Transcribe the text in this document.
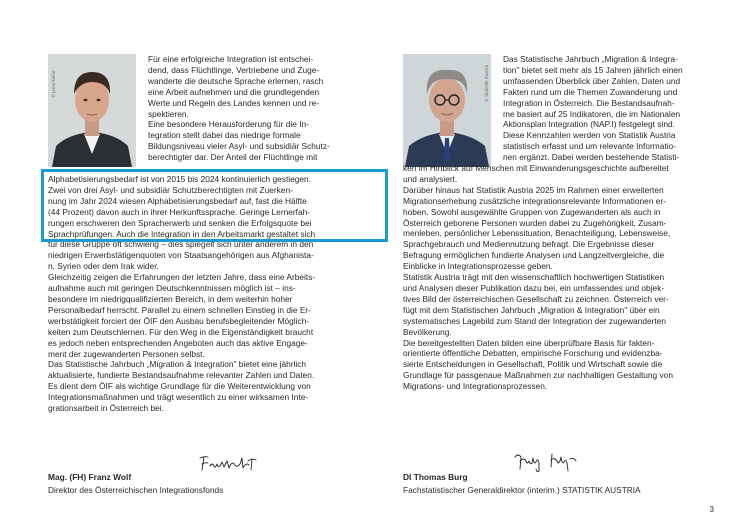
© Jenni Koller

Für eine erfolgreiche Integration ist entschei-

dend, dass Flüchtlinge, Vertriebene und Zuge-

wanderte die deutsche Sprache erlernen, rasch

eine Arbeit aufnehmen und die grundlegenden

Werte und Regeln des Landes kennen und re-

spektieren.

Eine besondere Herausforderung für die In-

tegration stellt dabei das niedrige formale

Bildungsniveau vieler Asyl- und subsidiär Schutz-

berechtigter dar. Der Anteil der Flüchtlinge mit

Alphabetisierungsbedarf ist von 2015 bis 2024 kontinuierlich gestiegen.

Zwei von drei Asyl- und subsidiär Schutzberechtigten mit Zuerken-

nung im Jahr 2024 wiesen Alphabetisierungsbedarf auf, fast die Hälfte

(44 Prozent) davon auch in ihrer Herkunftssprache. Geringe Lernerfah-

rungen erschweren den Spracherwerb und senken die Erfolgsquote bei

Sprachprüfungen. Auch die Integration in den Arbeitsmarkt gestaltet sich

für diese Gruppe oft schwierig – dies spiegelt sich unter anderem in den

niedrigen Erwerbstätigenquoten von Staatsangehörigen aus Afghanista-

n, Syrien oder dem Irak wider.

Gleichzeitig zeigen die Erfahrungen der letzten Jahre, dass eine Arbeits-

aufnahme auch mit geringen Deutschkenntnissen möglich ist – ins-

besondere im niedrigqualifizierten Bereich, in dem weiterhin hoher

Personalbedarf herrscht. Parallel zu einem schnellen Einstieg in die Er-

werbstätigkeit forciert der ÖIF den Ausbau berufsbegleitender Möglich-

keiten zum Deutschlernen. Für den Weg in die Eigenständigkeit braucht

es jedoch neben entsprechenden Angeboten auch das aktive Engage-

ment der zugewanderten Personen selbst.

Das Statistische Jahrbuch „Migration & Integration" bietet eine jährlich

aktualisierte, fundierte Bestandsaufnahme relevanter Zahlen und Daten.

Es dient dem ÖIF als wichtige Grundlage für die Weiterentwicklung von

Integrationsmaßnahmen und trägt wesentlich zu einer wirksamen Inte-

grationsarbeit in Österreich bei.

Mag. (FH) Franz Wolf
Direktor des Österreichischen Integrationsfonds
© Statistik Austria

Das Statistische Jahrbuch „Migration & Integra-

tion" bietet seit mehr als 15 Jahren jährlich einen

umfassenden Überblick über Zahlen, Daten und

Fakten rund um die Themen Zuwanderung und

Integration in Österreich. Die Bestandsaufnah-

me basiert auf 25 Indikatoren, die im Nationalen

Aktionsplan Integration (NAP.I) festgelegt sind.

Diese Kennzahlen werden von Statistik Austria

statistisch erfasst und um relevante Informatio-

nen ergänzt. Dabei werden bestehende Statisti-

ken im Hinblick auf Menschen mit Einwanderungsgeschichte aufbereitet

und analysiert.

Darüber hinaus hat Statistik Austria 2025 im Rahmen einer erweiterten

Migrationserhebung zusätzliche integrationsrelevante Informationen er-

hoben. Sowohl ausgewählte Gruppen von Zugewanderten als auch in

Österreich geborene Personen wurden dabei zu Zugehörigkeit, Zusam-

menleben, persönlicher Lebenssituation, Benachteiligung, Lebensweise,

Sprachgebrauch und Mediennutzung befragt. Die Ergebnisse dieser

Befragung ermöglichen fundierte Analysen und Langzeitvergleiche, die

Einblicke in Integrationsprozesse geben.

Statistik Austria trägt mit den wissenschaftlich hochwertigen Statistiken

und Analysen dieser Publikation dazu bei, ein umfassendes und objek-

tives Bild der österreichischen Gesellschaft zu zeichnen. Österreich ver-

fügt mit dem Statistischen Jahrbuch „Migration & Integration" über ein

systematisches Lagebild zum Stand der Integration der zugewanderten

Bevölkerung.

Die bereitgestellten Daten bilden eine überprüfbare Basis für fakten-

orientierte öffentliche Debatten, empirische Forschung und evidenzba-

sierte Entscheidungen in Gesellschaft, Politik und Wirtschaft sowie die

Grundlage für passgenaue Maßnahmen zur nachhaltigen Gestaltung von

Migrations- und Integrationsprozessen.

DI Thomas Burg
Fachstatistischer Generaldirektor (interim.) STATISTIK AUSTRIA
3
